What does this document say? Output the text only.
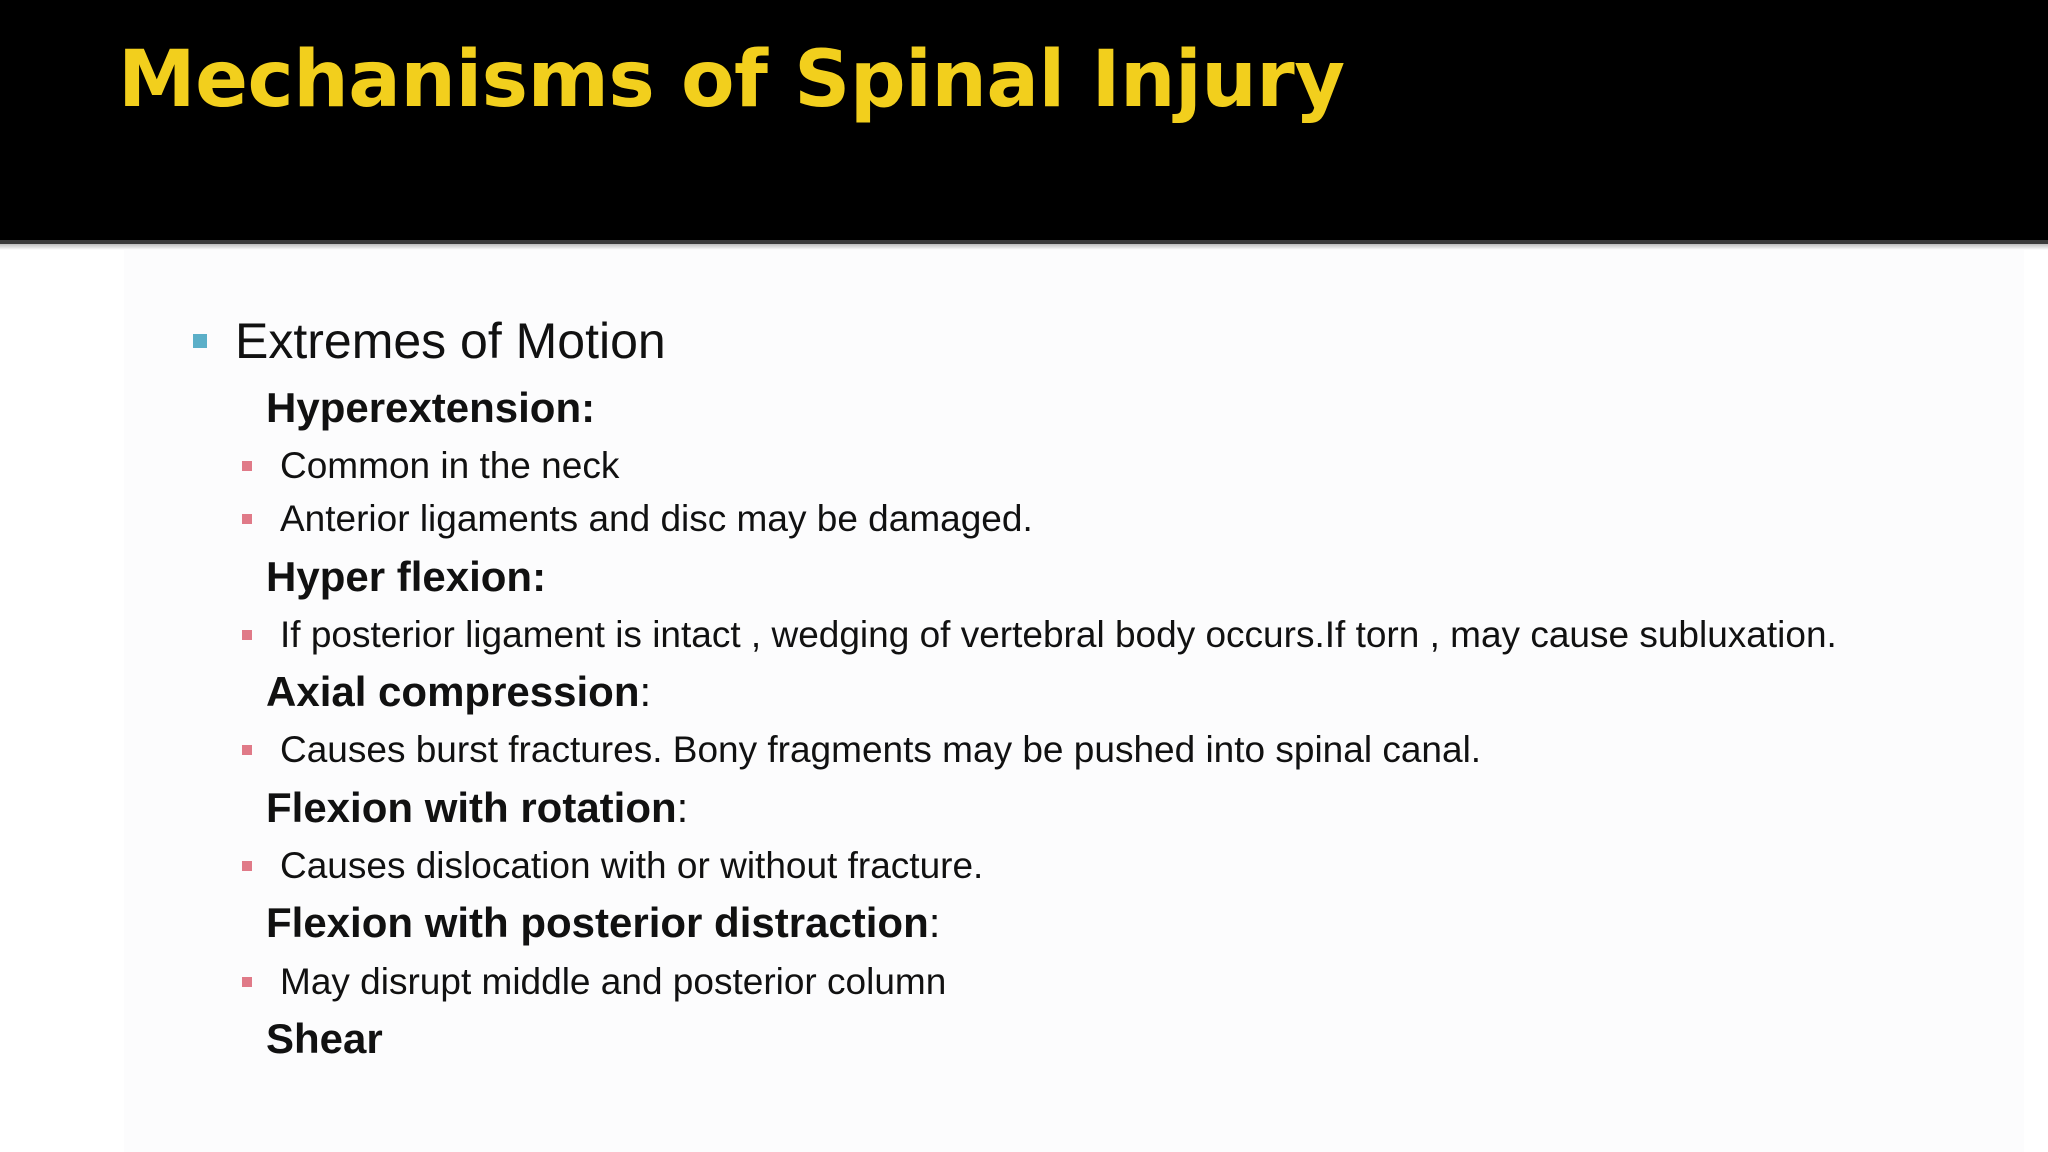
Mechanisms of Spinal Injury
Extremes of Motion
Hyperextension:
Common in the neck
Anterior ligaments and disc may be damaged.
Hyper flexion:
If posterior ligament is intact , wedging of vertebral body occurs.If torn , may cause subluxation.
Axial compression:
Causes burst fractures. Bony fragments may be pushed into spinal canal.
Flexion with rotation:
Causes dislocation with or without fracture.
Flexion with posterior distraction:
May disrupt middle and posterior column
Shear
